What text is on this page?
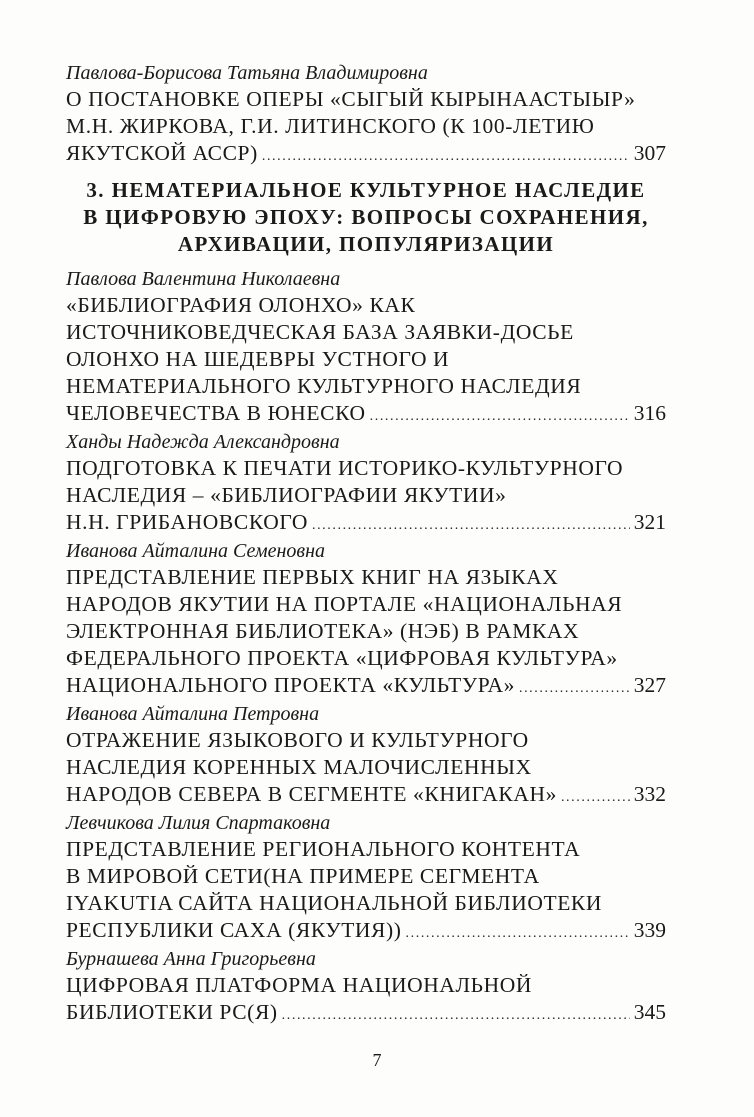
Павлова-Борисова Татьяна Владимировна
О ПОСТАНОВКЕ ОПЕРЫ «СЫГЫЙ КЫРЫНААСТЫЫР»
М.Н. ЖИРКОВА, Г.И. ЛИТИНСКОГО (К 100-ЛЕТИЮ
ЯКУТСКОЙ АССР) .....	307
3. НЕМАТЕРИАЛЬНОЕ КУЛЬТУРНОЕ НАСЛЕДИЕ
В ЦИФРОВУЮ ЭПОХУ: ВОПРОСЫ СОХРАНЕНИЯ,
АРХИВАЦИИ, ПОПУЛЯРИЗАЦИИ
Павлова Валентина Николаевна
«БИБЛИОГРАФИЯ ОЛОНХО» КАК
ИСТОЧНИКОВЕДЧЕСКАЯ БАЗА ЗАЯВКИ-ДОСЬЕ
ОЛОНХО НА ШЕДЕВРЫ УСТНОГО И
НЕМАТЕРИАЛЬНОГО КУЛЬТУРНОГО НАСЛЕДИЯ
ЧЕЛОВЕЧЕСТВА В ЮНЕСКО .....	316
Ханды Надежда Александровна
ПОДГОТОВКА К ПЕЧАТИ ИСТОРИКО-КУЛЬТУРНОГО
НАСЛЕДИЯ – «БИБЛИОГРАФИИ ЯКУТИИ»
Н.Н. ГРИБАНОВСКОГО .....	321
Иванова Айталина Семеновна
ПРЕДСТАВЛЕНИЕ ПЕРВЫХ КНИГ НА ЯЗЫКАХ
НАРОДОВ ЯКУТИИ НА ПОРТАЛЕ «НАЦИОНАЛЬНАЯ
ЭЛЕКТРОННАЯ БИБЛИОТЕКА» (НЭБ) В РАМКАХ
ФЕДЕРАЛЬНОГО ПРОЕКТА «ЦИФРОВАЯ КУЛЬТУРА»
НАЦИОНАЛЬНОГО ПРОЕКТА «КУЛЬТУРА» .....	327
Иванова Айталина Петровна
ОТРАЖЕНИЕ ЯЗЫКОВОГО И КУЛЬТУРНОГО
НАСЛЕДИЯ КОРЕННЫХ МАЛОЧИСЛЕННЫХ
НАРОДОВ СЕВЕРА В СЕГМЕНТЕ «КНИГАКАН» .....	332
Левчикова Лилия Спартаковна
ПРЕДСТАВЛЕНИЕ РЕГИОНАЛЬНОГО КОНТЕНТА
В МИРОВОЙ СЕТИ(НА ПРИМЕРЕ СЕГМЕНТА
IYAKUTIA САЙТА НАЦИОНАЛЬНОЙ БИБЛИОТЕКИ
РЕСПУБЛИКИ САХА (ЯКУТИЯ)) .....	339
Бурнашева Анна Григорьевна
ЦИФРОВАЯ ПЛАТФОРМА НАЦИОНАЛЬНОЙ
БИБЛИОТЕКИ РС(Я) .....	345
7
